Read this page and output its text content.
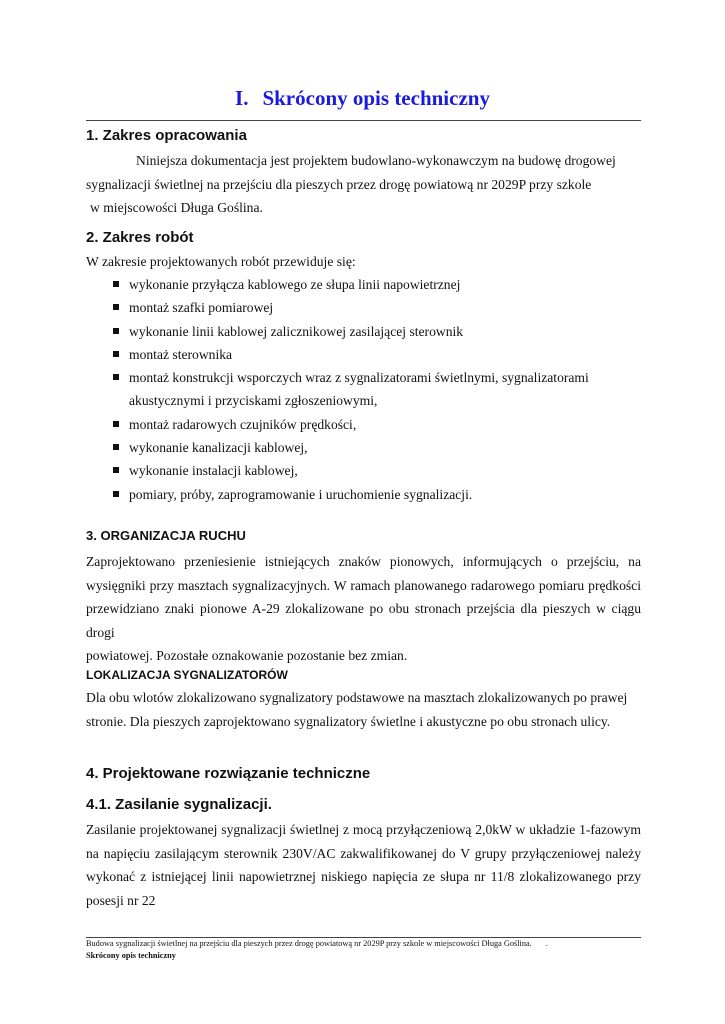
I. Skrócony opis techniczny
1. Zakres opracowania
Niniejsza dokumentacja jest projektem budowlano-wykonawczym na budowę drogowej
sygnalizacji świetlnej na przejściu dla pieszych przez drogę powiatową nr 2029P przy szkole
w miejscowości Długa Goślina.
2. Zakres robót
W zakresie projektowanych robót przewiduje się:
wykonanie przyłącza kablowego ze słupa linii napowietrznej
montaż szafki pomiarowej
wykonanie linii kablowej zalicznikowej zasilającej sterownik
montaż sterownika
montaż konstrukcji wsporczych wraz z sygnalizatorami świetlnymi, sygnalizatorami
akustycznymi i przyciskami zgłoszeniowymi,
montaż radarowych czujników prędkości,
wykonanie kanalizacji kablowej,
wykonanie instalacji kablowej,
pomiary, próby, zaprogramowanie i uruchomienie sygnalizacji.
3. ORGANIZACJA RUCHU
Zaprojektowano przeniesienie istniejących znaków pionowych, informujących o przejściu, na
wysięgniki przy masztach sygnalizacyjnych. W ramach planowanego radarowego pomiaru prędkości
przewidziano znaki pionowe A-29 zlokalizowane po obu stronach przejścia dla pieszych w ciągu drogi
powiatowej. Pozostałe oznakowanie pozostanie bez zmian.
LOKALIZACJA SYGNALIZATORÓW
Dla obu wlotów zlokalizowano sygnalizatory podstawowe na masztach zlokalizowanych po prawej
stronie. Dla pieszych zaprojektowano sygnalizatory świetlne i akustyczne po obu stronach ulicy.
4. Projektowane rozwiązanie techniczne
4.1. Zasilanie sygnalizacji.
Zasilanie projektowanej sygnalizacji świetlnej z mocą przyłączeniową 2,0kW w układzie 1-fazowym
na napięciu zasilającym sterownik 230V/AC zakwalifikowanej do V grupy przyłączeniowej należy
wykonać z istniejącej linii napowietrznej niskiego napięcia ze słupa nr 11/8 zlokalizowanego przy
posesji nr 22
Budowa sygnalizacji świetlnej na przejściu dla pieszych przez drogę powiatową nr 2029P przy szkole w miejscowości Długa Goślina. .
Skrócony opis techniczny
